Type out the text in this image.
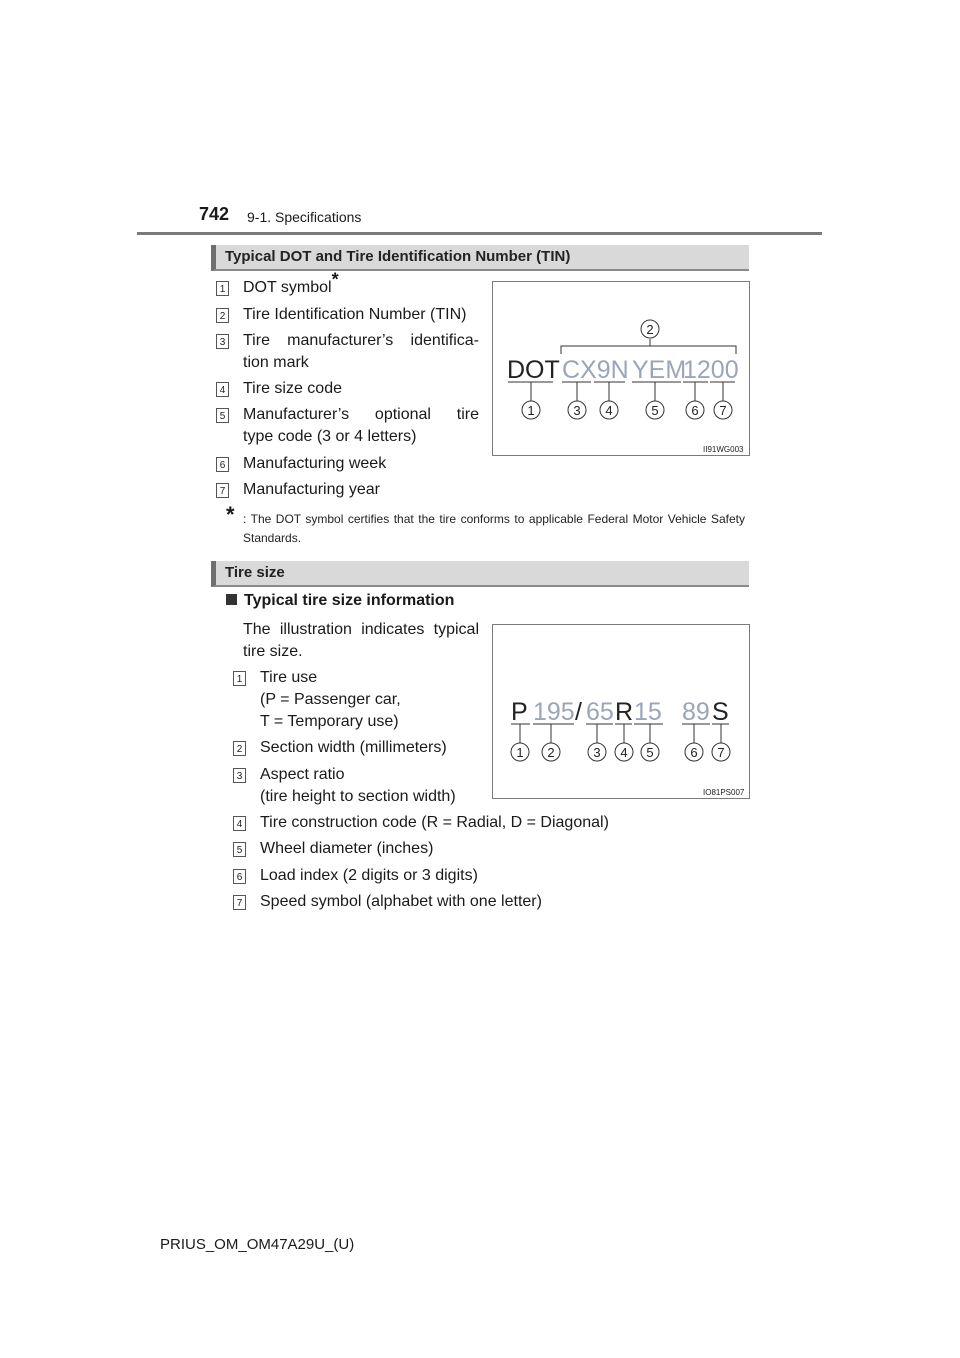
742 9-1. Specifications
Typical DOT and Tire Identification Number (TIN)
1 DOT symbol*
2 Tire Identification Number (TIN)
3 Tire manufacturer’s identifica-
tion mark
4 Tire size code
5 Manufacturer’s optional tire
type code (3 or 4 letters)
6 Manufacturing week
7 Manufacturing year
2
DOT CX9N YEM
1200
1	3 4	5	6 7
II91WG003
* : The DOT symbol certifies that the tire conforms to applicable Federal Motor Vehicle Safety Standards.
Tire size
Typical tire size information
The illustration indicates typical
tire size.
1 Tire use
(P = Passenger car,
T = Temporary use)
2 Section width (millimeters)
3 Aspect ratio
(tire height to section width)
4 Tire construction code (R = Radial, D = Diagonal)
5 Wheel diameter (inches)
6 Load index (2 digits or 3 digits)
7 Speed symbol (alphabet with one letter)
P 195 / 65 R 15 89 S
1 2	3 4 5	6 7
IO81PS007
PRIUS_OM_OM47A29U_(U)
